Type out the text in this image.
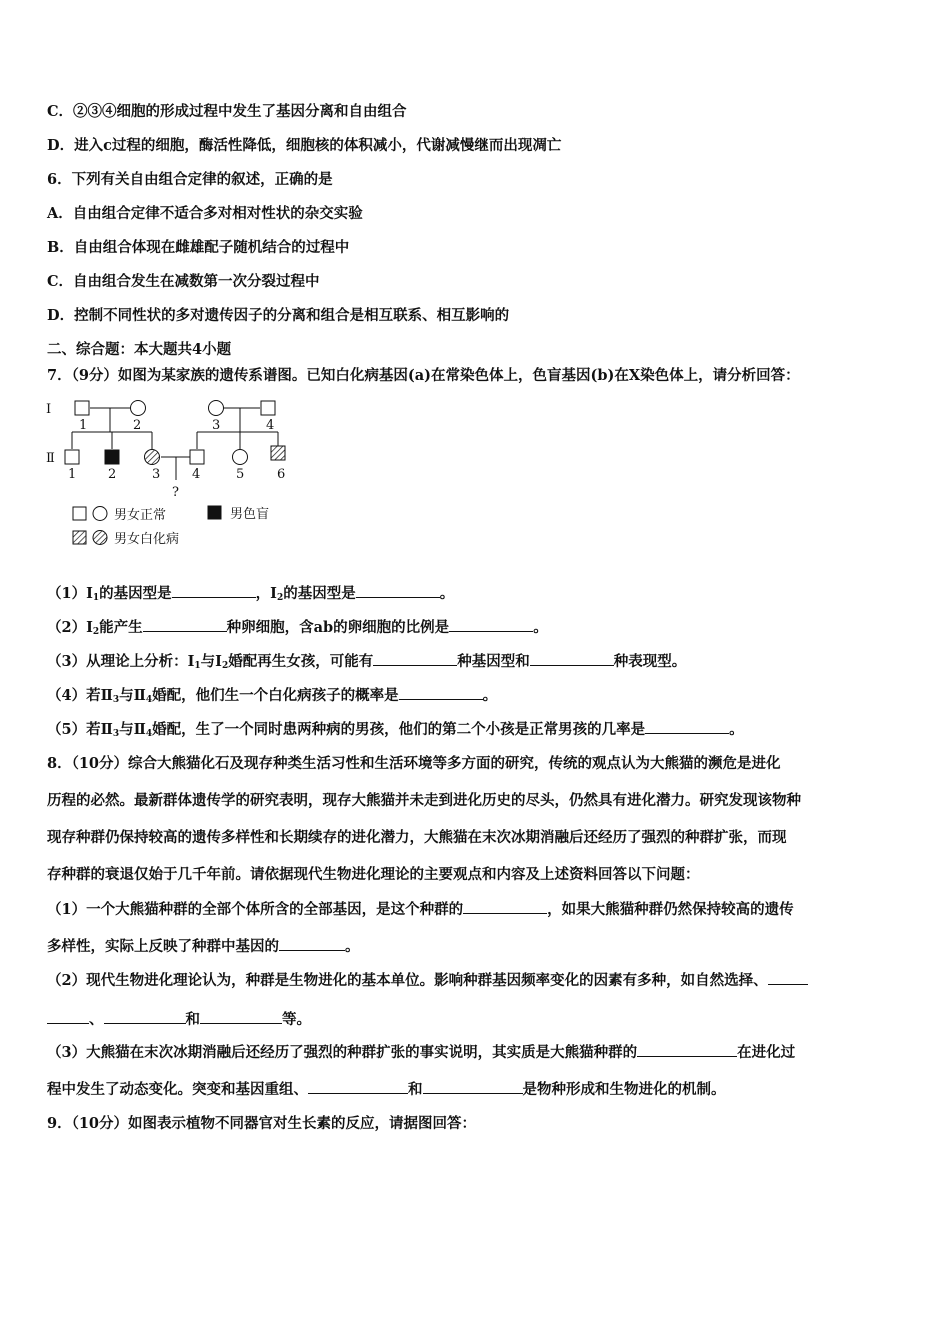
C．②③④细胞的形成过程中发生了基因分离和自由组合
D．进入c过程的细胞，酶活性降低，细胞核的体积减小，代谢减慢继而出现凋亡
6．下列有关自由组合定律的叙述，正确的是
A．自由组合定律不适合多对相对性状的杂交实验
B．自由组合体现在雌雄配子随机结合的过程中
C．自由组合发生在减数第一次分裂过程中
D．控制不同性状的多对遗传因子的分离和组合是相互联系、相互影响的
二、综合题：本大题共4小题
7．（9分）如图为某家族的遗传系谱图。已知白化病基因(a)在常染色体上，色盲基因(b)在X染色体上，请分析回答：
Ⅰ
Ⅱ
1	2	3	4
1 2	3 4	5	6
?
男女正常	男色盲
男女白化病
$(1)Ⅰ_1$的基因型是	，$Ⅰ_2$的基因型是	。
$(2)Ⅰ_2$能产生	种卵细胞，含ab的卵细胞的比例是	。
（3）从理论上分析：$Ⅰ_1$与$Ⅰ_2$婚配再生女孩，可能有	种基因型和	种表现型。
（4）若$Ⅱ_3$与$Ⅱ_4$婚配，他们生一个白化病孩子的概率是	。
（5）若$Ⅱ_3$与$Ⅱ_4$婚配，生了一个同时患两种病的男孩，他们的第二个小孩是正常男孩的几率是	。
8．（10分）综合大熊猫化石及现存种类生活习性和生活环境等多方面的研究，传统的观点认为大熊猫的濒危是进化
历程的必然。最新群体遗传学的研究表明，现存大熊猫并未走到进化历史的尽头，仍然具有进化潜力。研究发现该物种
现存种群仍保持较高的遗传多样性和长期续存的进化潜力，大熊猫在末次冰期消融后还经历了强烈的种群扩张，而现
存种群的衰退仅始于几千年前。请依据现代生物进化理论的主要观点和内容及上述资料回答以下问题：
（1）一个大熊猫种群的全部个体所含的全部基因，是这个种群的	，如果大熊猫种群仍然保持较高的遗传
多样性，实际上反映了种群中基因的	。
（2）现代生物进化理论认为，种群是生物进化的基本单位。影响种群基因频率变化的因素有多种，如自然选择、
、	和	等。
（3）大熊猫在末次冰期消融后还经历了强烈的种群扩张的事实说明，其实质是大熊猫种群的	在进化过
程中发生了动态变化。突变和基因重组、	和	是物种形成和生物进化的机制。
9．（10分）如图表示植物不同器官对生长素的反应，请据图回答：
